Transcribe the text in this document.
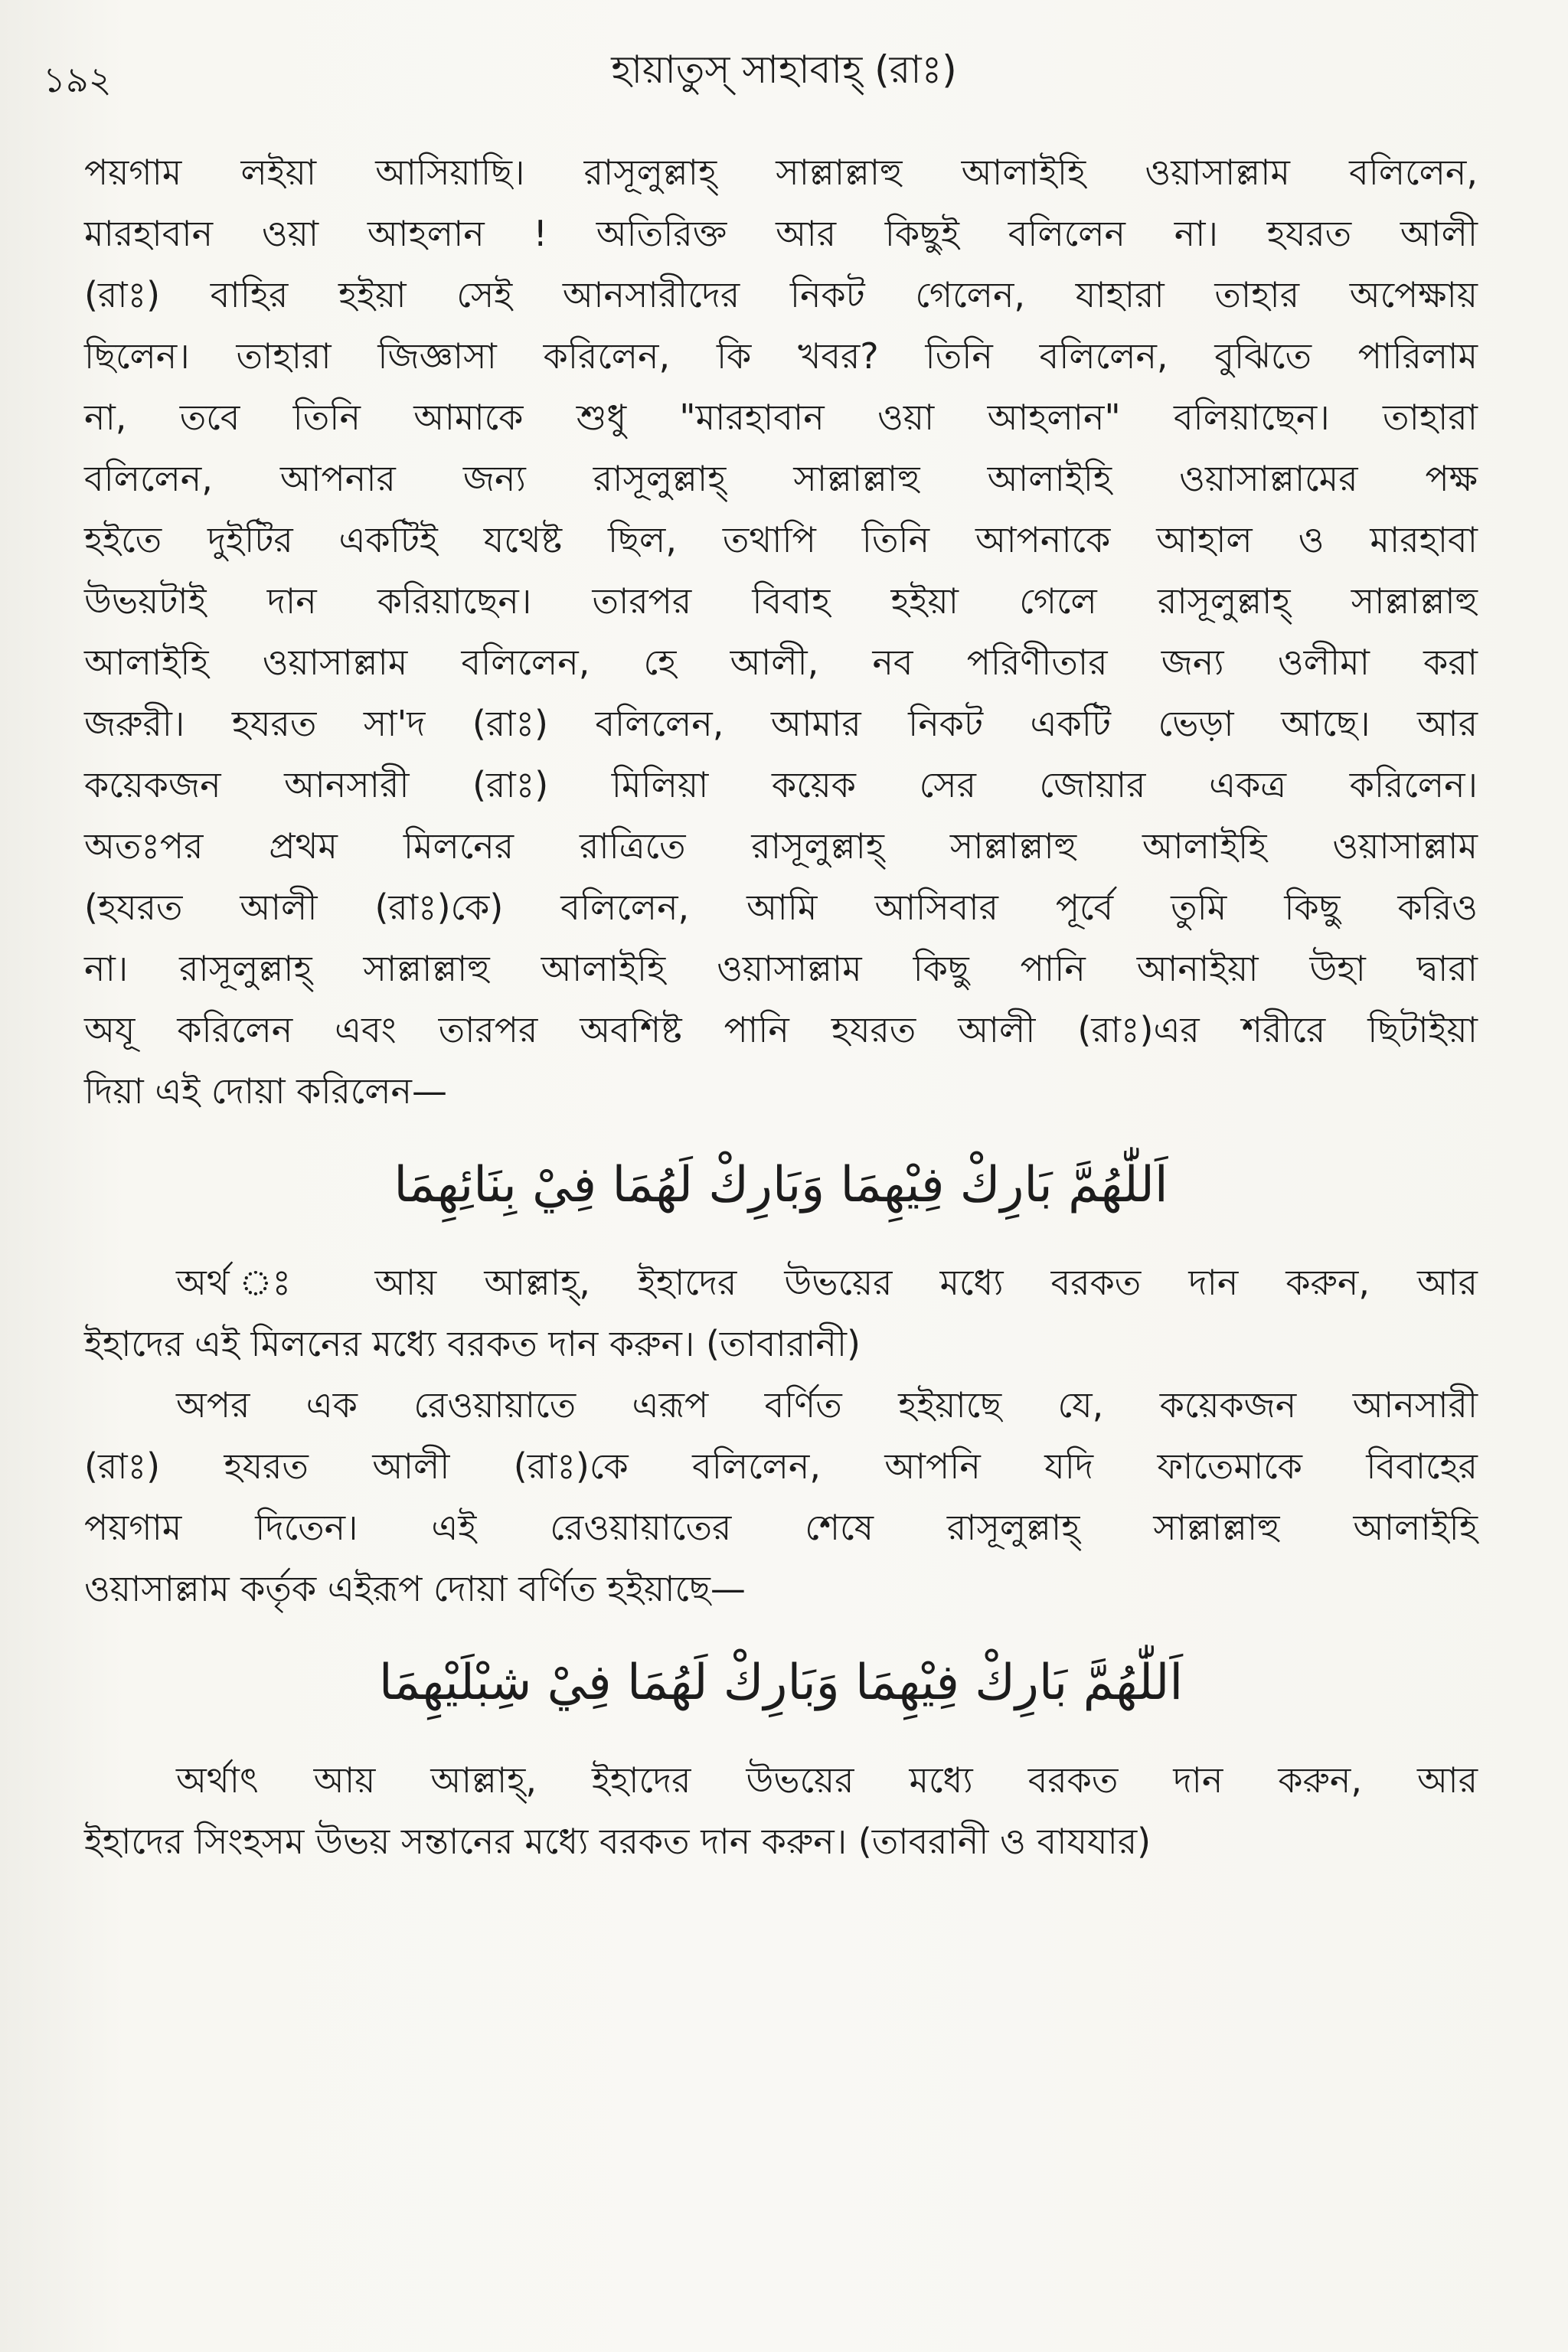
১৯২	হায়াতুস্ সাহাবাহ্ (রাঃ)
পয়গাম লইয়া আসিয়াছি। রাসূলুল্লাহ্ সাল্লাল্লাহু আলাইহি ওয়াসাল্লাম বলিলেন,
মারহাবান ওয়া আহলান ! অতিরিক্ত আর কিছুই বলিলেন না। হযরত আলী
(রাঃ) বাহির হইয়া সেই আনসারীদের নিকট গেলেন, যাহারা তাহার অপেক্ষায়
ছিলেন। তাহারা জিজ্ঞাসা করিলেন, কি খবর? তিনি বলিলেন, বুঝিতে পারিলাম
না, তবে তিনি আমাকে শুধু "মারহাবান ওয়া আহলান" বলিয়াছেন। তাহারা
বলিলেন, আপনার জন্য রাসূলুল্লাহ্ সাল্লাল্লাহু আলাইহি ওয়াসাল্লামের পক্ষ
হইতে দুইটির একটিই যথেষ্ট ছিল, তথাপি তিনি আপনাকে আহাল ও মারহাবা
উভয়টাই দান করিয়াছেন। তারপর বিবাহ হইয়া গেলে রাসূলুল্লাহ্ সাল্লাল্লাহু
আলাইহি ওয়াসাল্লাম বলিলেন, হে আলী, নব পরিণীতার জন্য ওলীমা করা
জরুরী। হযরত সা'দ (রাঃ) বলিলেন, আমার নিকট একটি ভেড়া আছে। আর
কয়েকজন আনসারী (রাঃ) মিলিয়া কয়েক সের জোয়ার একত্র করিলেন।
অতঃপর প্রথম মিলনের রাত্রিতে রাসূলুল্লাহ্ সাল্লাল্লাহু আলাইহি ওয়াসাল্লাম
(হযরত আলী (রাঃ)কে) বলিলেন, আমি আসিবার পূর্বে তুমি কিছু করিও
না। রাসূলুল্লাহ্ সাল্লাল্লাহু আলাইহি ওয়াসাল্লাম কিছু পানি আনাইয়া উহা দ্বারা
অযূ করিলেন এবং তারপর অবশিষ্ট পানি হযরত আলী (রাঃ)এর শরীরে ছিটাইয়া
দিয়া এই দোয়া করিলেন—
اَللّٰهُمَّ بَارِكْ فِيْهِمَا وَبَارِكْ لَهُمَا فِيْ بِنَائِهِمَا
অর্থ ঃ আয় আল্লাহ্, ইহাদের উভয়ের মধ্যে বরকত দান করুন, আর
ইহাদের এই মিলনের মধ্যে বরকত দান করুন। (তাবারানী)
অপর এক রেওয়ায়াতে এরূপ বর্ণিত হইয়াছে যে, কয়েকজন আনসারী
(রাঃ) হযরত আলী (রাঃ)কে বলিলেন, আপনি যদি ফাতেমাকে বিবাহের
পয়গাম দিতেন। এই রেওয়ায়াতের শেষে রাসূলুল্লাহ্ সাল্লাল্লাহু আলাইহি
ওয়াসাল্লাম কর্তৃক এইরূপ দোয়া বর্ণিত হইয়াছে—
اَللّٰهُمَّ بَارِكْ فِيْهِمَا وَبَارِكْ لَهُمَا فِيْ شِبْلَيْهِمَا
অর্থাৎ আয় আল্লাহ্, ইহাদের উভয়ের মধ্যে বরকত দান করুন, আর
ইহাদের সিংহসম উভয় সন্তানের মধ্যে বরকত দান করুন। (তাবরানী ও বাযযার)
